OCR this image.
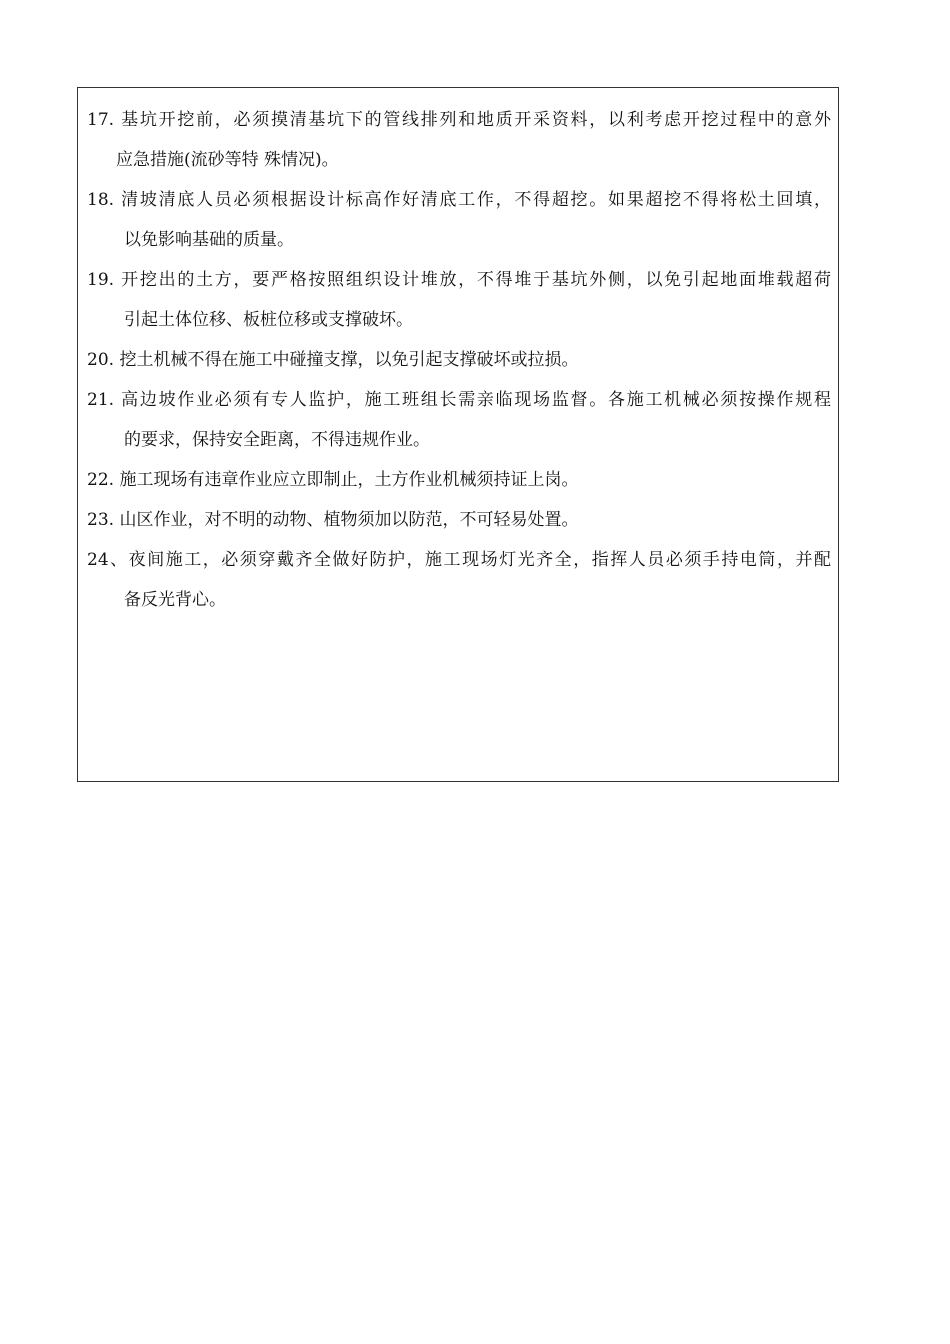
17. 基坑开挖前，必须摸清基坑下的管线排列和地质开采资料，以利考虑开挖过程中的意外
应急措施(流砂等特 殊情况)。
18. 清坡清底人员必须根据设计标高作好清底工作，不得超挖。如果超挖不得将松土回填，
以免影响基础的质量。
19. 开挖出的土方，要严格按照组织设计堆放，不得堆于基坑外侧，以免引起地面堆载超荷
引起土体位移、板桩位移或支撑破坏。
20. 挖土机械不得在施工中碰撞支撑，以免引起支撑破坏或拉损。
21. 高边坡作业必须有专人监护，施工班组长需亲临现场监督。各施工机械必须按操作规程
的要求，保持安全距离，不得违规作业。
22. 施工现场有违章作业应立即制止，土方作业机械须持证上岗。
23. 山区作业，对不明的动物、植物须加以防范，不可轻易处置。
24、夜间施工，必须穿戴齐全做好防护，施工现场灯光齐全，指挥人员必须手持电筒，并配
备反光背心。
